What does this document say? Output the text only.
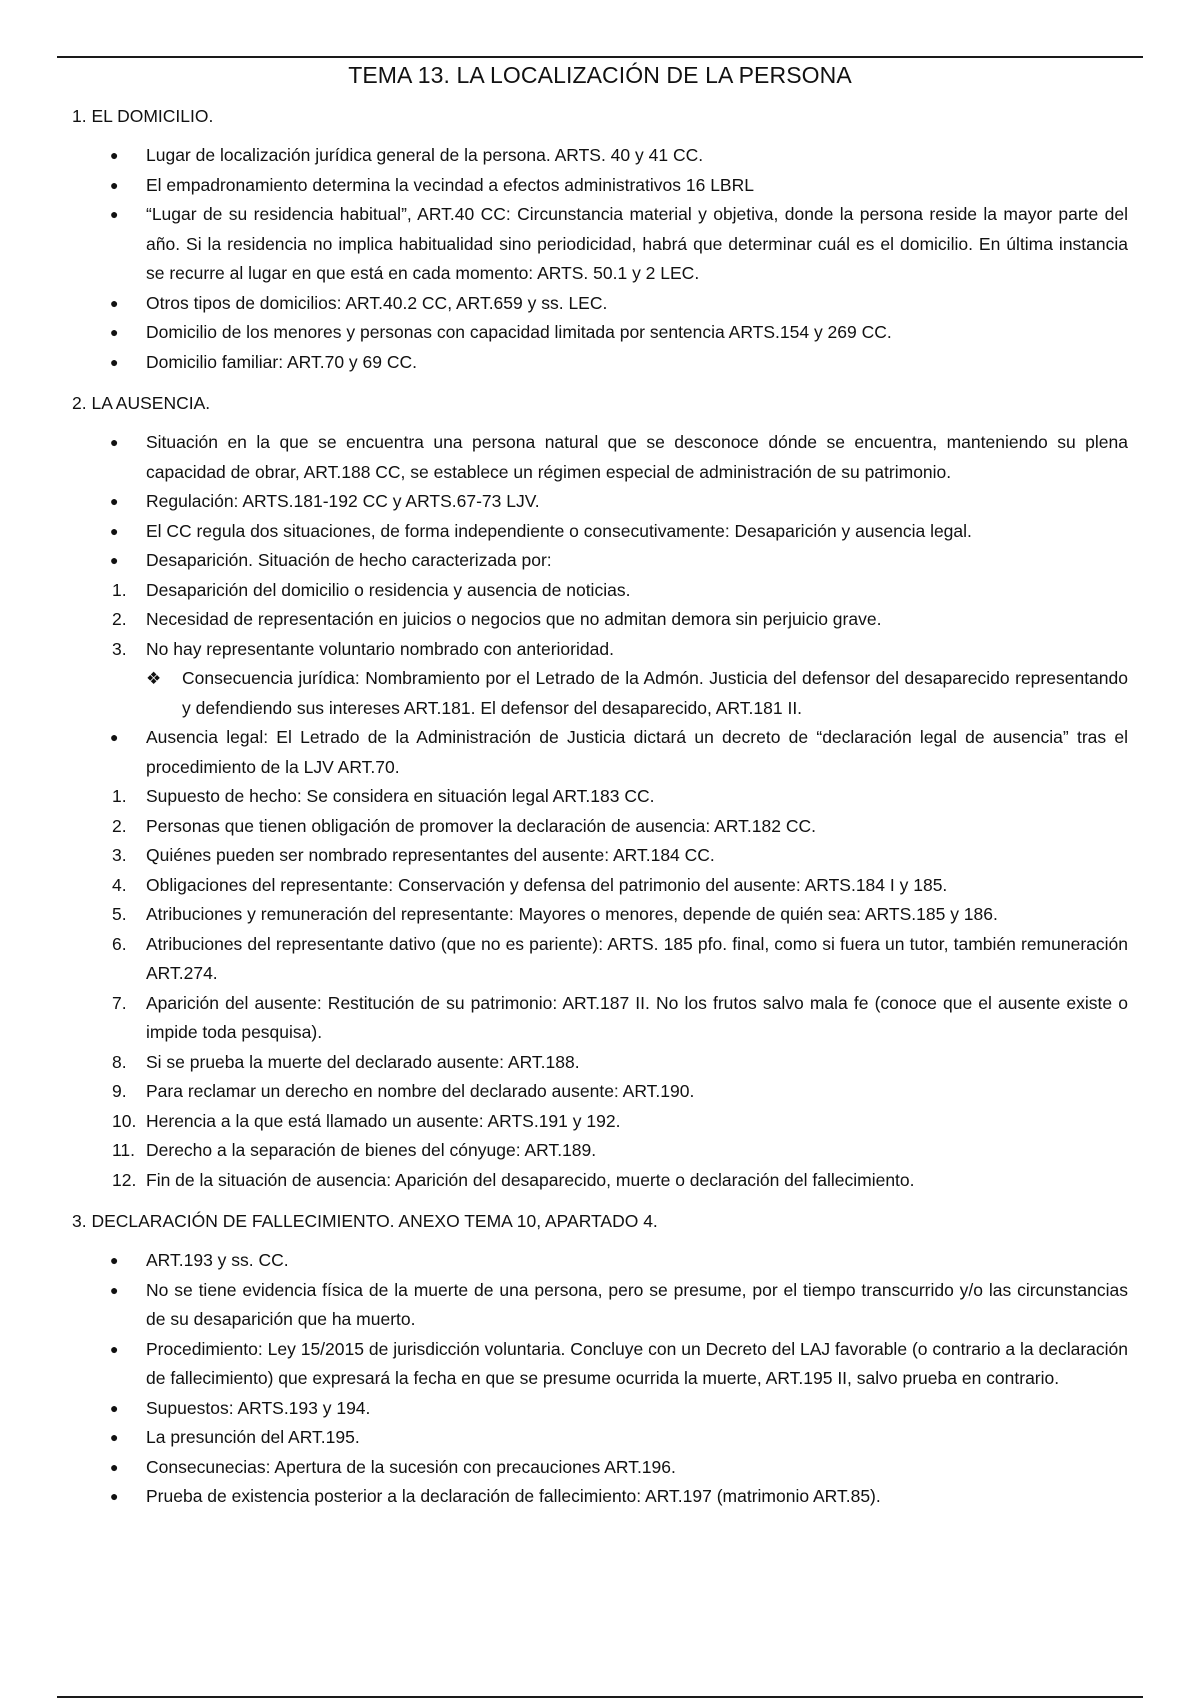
TEMA 13. LA LOCALIZACIÓN DE LA PERSONA
1. EL DOMICILIO.
● Lugar de localización jurídica general de la persona. ARTS. 40 y 41 CC.
● El empadronamiento determina la vecindad a efectos administrativos 16 LBRL
● “Lugar de su residencia habitual”, ART.40 CC: Circunstancia material y objetiva, donde la persona reside la mayor parte del año. Si la residencia no implica habitualidad sino periodicidad, habrá que determinar cuál es el domicilio. En última instancia se recurre al lugar en que está en cada momento: ARTS. 50.1 y 2 LEC.
● Otros tipos de domicilios: ART.40.2 CC, ART.659 y ss. LEC.
● Domicilio de los menores y personas con capacidad limitada por sentencia ARTS.154 y 269 CC.
● Domicilio familiar: ART.70 y 69 CC.
2. LA AUSENCIA.
● Situación en la que se encuentra una persona natural que se desconoce dónde se encuentra, manteniendo su plena capacidad de obrar, ART.188 CC, se establece un régimen especial de administración de su patrimonio.
● Regulación: ARTS.181-192 CC y ARTS.67-73 LJV.
● El CC regula dos situaciones, de forma independiente o consecutivamente: Desaparición y ausencia legal.
● Desaparición. Situación de hecho caracterizada por:
1.	Desaparición del domicilio o residencia y ausencia de noticias.
2.	Necesidad de representación en juicios o negocios que no admitan demora sin perjuicio grave.
3.	No hay representante voluntario nombrado con anterioridad.
❖ Consecuencia jurídica: Nombramiento por el Letrado de la Admón. Justicia del defensor del desaparecido representando y defendiendo sus intereses ART.181. El defensor del desaparecido, ART.181 II.
● Ausencia legal: El Letrado de la Administración de Justicia dictará un decreto de “declaración legal de ausencia” tras el procedimiento de la LJV ART.70.
1.	Supuesto de hecho: Se considera en situación legal ART.183 CC.
2.	Personas que tienen obligación de promover la declaración de ausencia: ART.182 CC.
3.	Quiénes pueden ser nombrado representantes del ausente: ART.184 CC.
4.	Obligaciones del representante: Conservación y defensa del patrimonio del ausente: ARTS.184 I y 185.
5.	Atribuciones y remuneración del representante: Mayores o menores, depende de quién sea: ARTS.185 y 186.
6.	Atribuciones del representante dativo (que no es pariente): ARTS. 185 pfo. final, como si fuera un tutor, también remuneración ART.274.
7.	Aparición del ausente: Restitución de su patrimonio: ART.187 II. No los frutos salvo mala fe (conoce que el ausente existe o impide toda pesquisa).
8.	Si se prueba la muerte del declarado ausente: ART.188.
9.	Para reclamar un derecho en nombre del declarado ausente: ART.190.
10. Herencia a la que está llamado un ausente: ARTS.191 y 192.
11. Derecho a la separación de bienes del cónyuge: ART.189.
12. Fin de la situación de ausencia: Aparición del desaparecido, muerte o declaración del fallecimiento.
3. DECLARACIÓN DE FALLECIMIENTO. ANEXO TEMA 10, APARTADO 4.
● ART.193 y ss. CC.
● No se tiene evidencia física de la muerte de una persona, pero se presume, por el tiempo transcurrido y/o las circunstancias de su desaparición que ha muerto.
● Procedimiento: Ley 15/2015 de jurisdicción voluntaria. Concluye con un Decreto del LAJ favorable (o contrario a la declaración de fallecimiento) que expresará la fecha en que se presume ocurrida la muerte, ART.195 II, salvo prueba en contrario.
● Supuestos: ARTS.193 y 194.
● La presunción del ART.195.
● Consecunecias: Apertura de la sucesión con precauciones ART.196.
● Prueba de existencia posterior a la declaración de fallecimiento: ART.197 (matrimonio ART.85).
